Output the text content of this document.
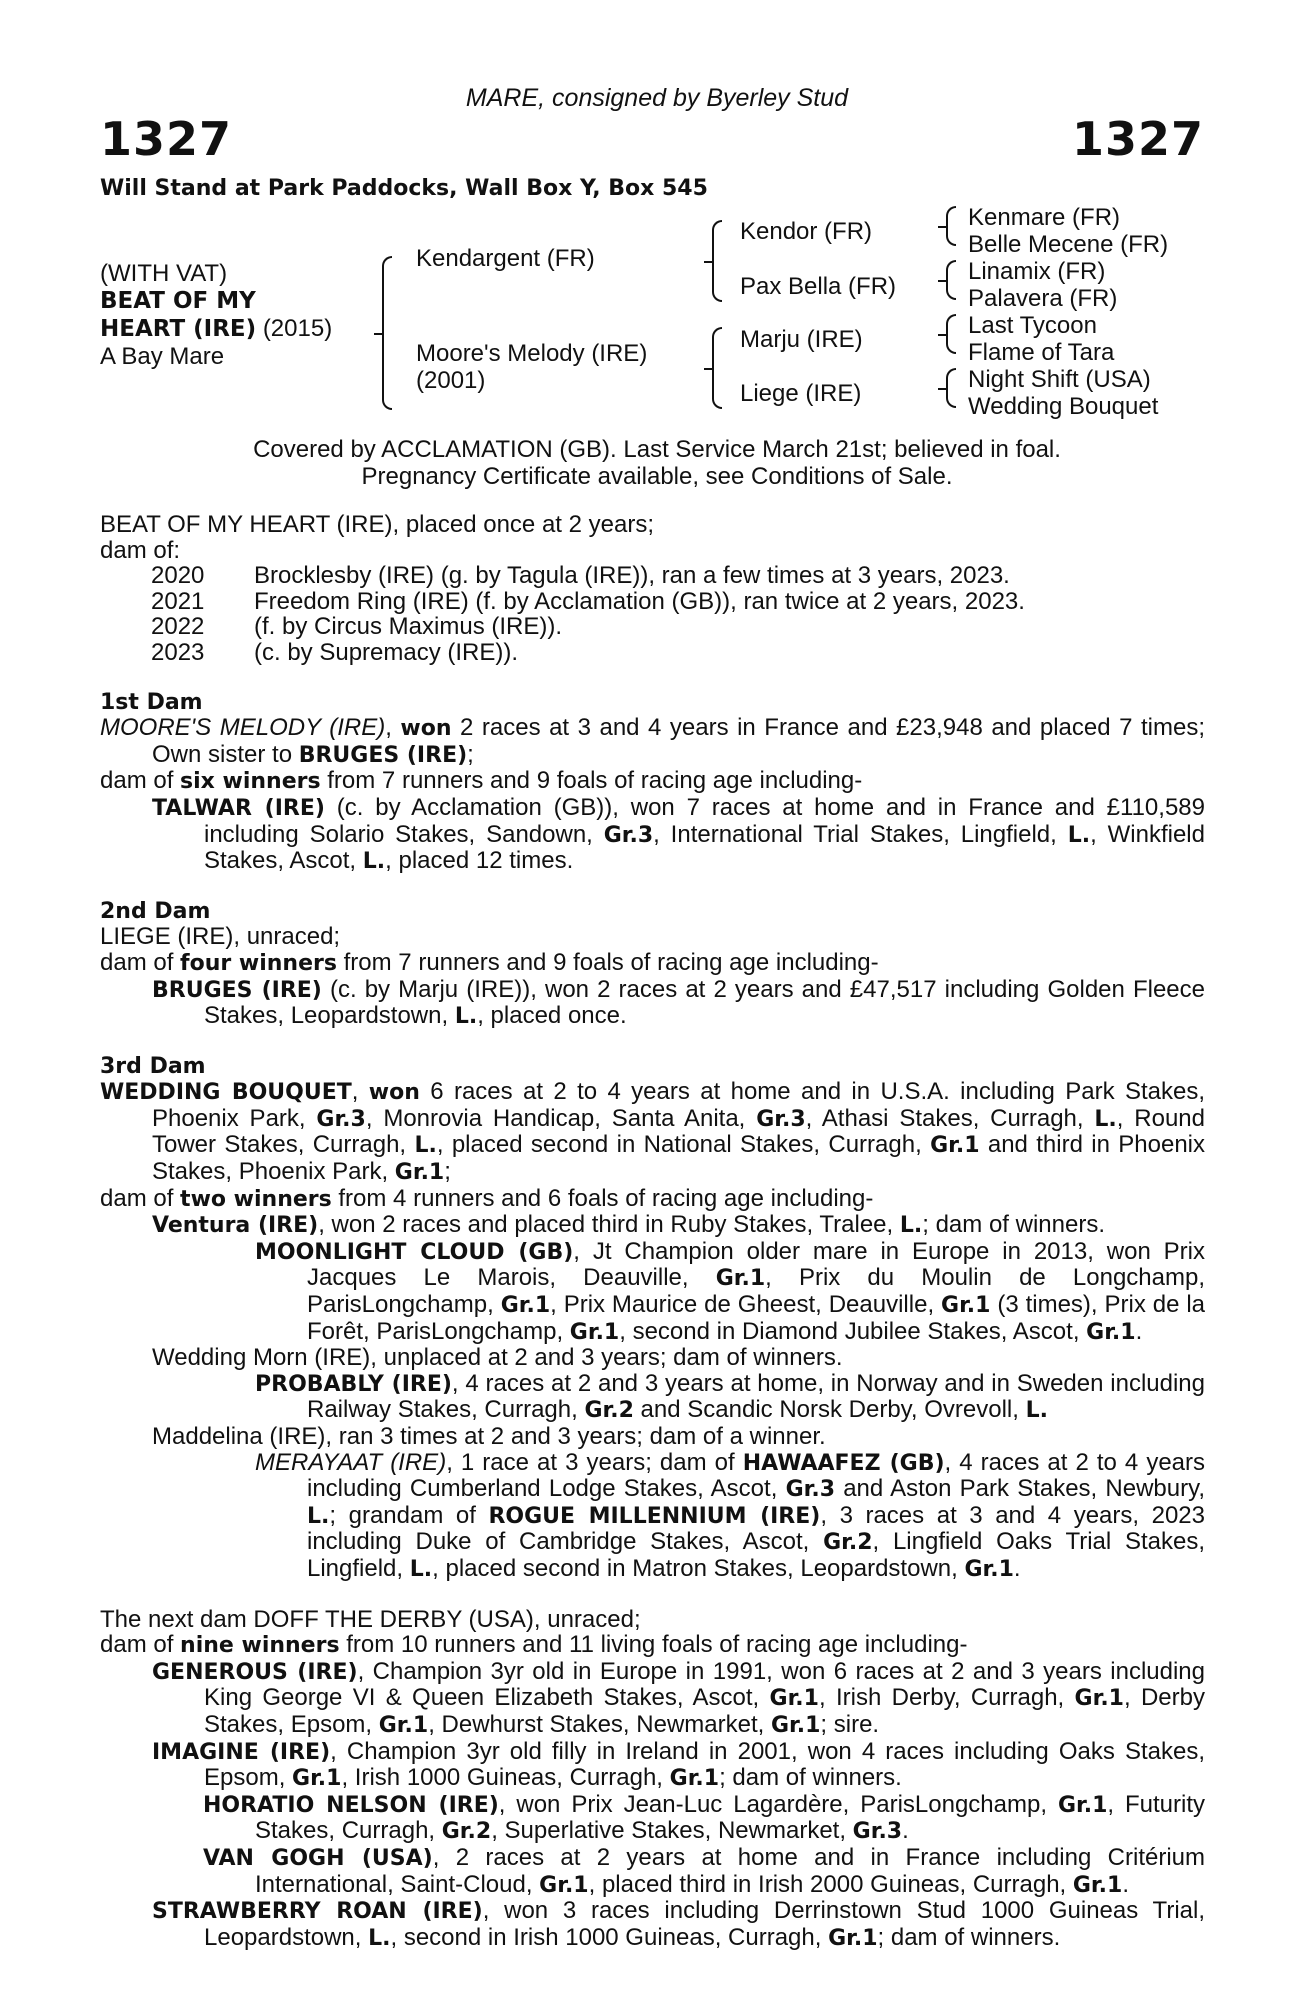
MARE, consigned by Byerley Stud
1327	1327
Will Stand at Park Paddocks, Wall Box Y, Box 545
(WITH VAT)
BEAT OF MY
HEART (IRE) (2015)
A Bay Mare
Kendargent (FR)
Moore's Melody (IRE)
(2001)
Kendor (FR)
Pax Bella (FR)
Marju (IRE)
Liege (IRE)
Kenmare (FR)
Belle Mecene (FR)
Linamix (FR)
Palavera (FR)
Last Tycoon
Flame of Tara
Night Shift (USA)
Wedding Bouquet
Covered by ACCLAMATION (GB). Last Service March 21st; believed in foal.
Pregnancy Certificate available, see Conditions of Sale.

BEAT OF MY HEART (IRE), placed once at 2 years;

dam of:

2020	Brocklesby (IRE) (g. by Tagula (IRE)), ran a few times at 3 years, 2023.
2021	Freedom Ring (IRE) (f. by Acclamation (GB)), ran twice at 2 years, 2023.
2022	(f. by Circus Maximus (IRE)).
2023	(c. by Supremacy (IRE)).

1st Dam

MOORE'S MELODY (IRE), won 2 races at 3 and 4 years in France and £23,948 and placed 7 times; Own sister to BRUGES (IRE);

dam of six winners from 7 runners and 9 foals of racing age including-

TALWAR (IRE) (c. by Acclamation (GB)), won 7 races at home and in France and £110,589 including Solario Stakes, Sandown, Gr.3, International Trial Stakes, Lingfield, L., Winkfield Stakes, Ascot, L., placed 12 times.

2nd Dam

LIEGE (IRE), unraced;

dam of four winners from 7 runners and 9 foals of racing age including-

BRUGES (IRE) (c. by Marju (IRE)), won 2 races at 2 years and £47,517 including Golden Fleece Stakes, Leopardstown, L., placed once.

3rd Dam

WEDDING BOUQUET, won 6 races at 2 to 4 years at home and in U.S.A. including Park Stakes, Phoenix Park, Gr.3, Monrovia Handicap, Santa Anita, Gr.3, Athasi Stakes, Curragh, L., Round Tower Stakes, Curragh, L., placed second in National Stakes, Curragh, Gr.1 and third in Phoenix Stakes, Phoenix Park, Gr.1;

dam of two winners from 4 runners and 6 foals of racing age including-

Ventura (IRE), won 2 races and placed third in Ruby Stakes, Tralee, L.; dam of winners.

MOONLIGHT CLOUD (GB), Jt Champion older mare in Europe in 2013, won Prix Jacques Le Marois, Deauville, Gr.1, Prix du Moulin de Longchamp, ParisLongchamp, Gr.1, Prix Maurice de Gheest, Deauville, Gr.1 (3 times), Prix de la Forêt, ParisLongchamp, Gr.1, second in Diamond Jubilee Stakes, Ascot, Gr.1.

Wedding Morn (IRE), unplaced at 2 and 3 years; dam of winners.

PROBABLY (IRE), 4 races at 2 and 3 years at home, in Norway and in Sweden including Railway Stakes, Curragh, Gr.2 and Scandic Norsk Derby, Ovrevoll, L.

Maddelina (IRE), ran 3 times at 2 and 3 years; dam of a winner.

MERAYAAT (IRE), 1 race at 3 years; dam of HAWAAFEZ (GB), 4 races at 2 to 4 years including Cumberland Lodge Stakes, Ascot, Gr.3 and Aston Park Stakes, Newbury, L.; grandam of ROGUE MILLENNIUM (IRE), 3 races at 3 and 4 years, 2023 including Duke of Cambridge Stakes, Ascot, Gr.2, Lingfield Oaks Trial Stakes, Lingfield, L., placed second in Matron Stakes, Leopardstown, Gr.1.

The next dam DOFF THE DERBY (USA), unraced;

dam of nine winners from 10 runners and 11 living foals of racing age including-

GENEROUS (IRE), Champion 3yr old in Europe in 1991, won 6 races at 2 and 3 years including King George VI & Queen Elizabeth Stakes, Ascot, Gr.1, Irish Derby, Curragh, Gr.1, Derby Stakes, Epsom, Gr.1, Dewhurst Stakes, Newmarket, Gr.1; sire.

IMAGINE (IRE), Champion 3yr old filly in Ireland in 2001, won 4 races including Oaks Stakes, Epsom, Gr.1, Irish 1000 Guineas, Curragh, Gr.1; dam of winners.

HORATIO NELSON (IRE), won Prix Jean-Luc Lagardère, ParisLongchamp, Gr.1, Futurity Stakes, Curragh, Gr.2, Superlative Stakes, Newmarket, Gr.3.

VAN GOGH (USA), 2 races at 2 years at home and in France including Critérium International, Saint-Cloud, Gr.1, placed third in Irish 2000 Guineas, Curragh, Gr.1.

STRAWBERRY ROAN (IRE), won 3 races including Derrinstown Stud 1000 Guineas Trial, Leopardstown, L., second in Irish 1000 Guineas, Curragh, Gr.1; dam of winners.
